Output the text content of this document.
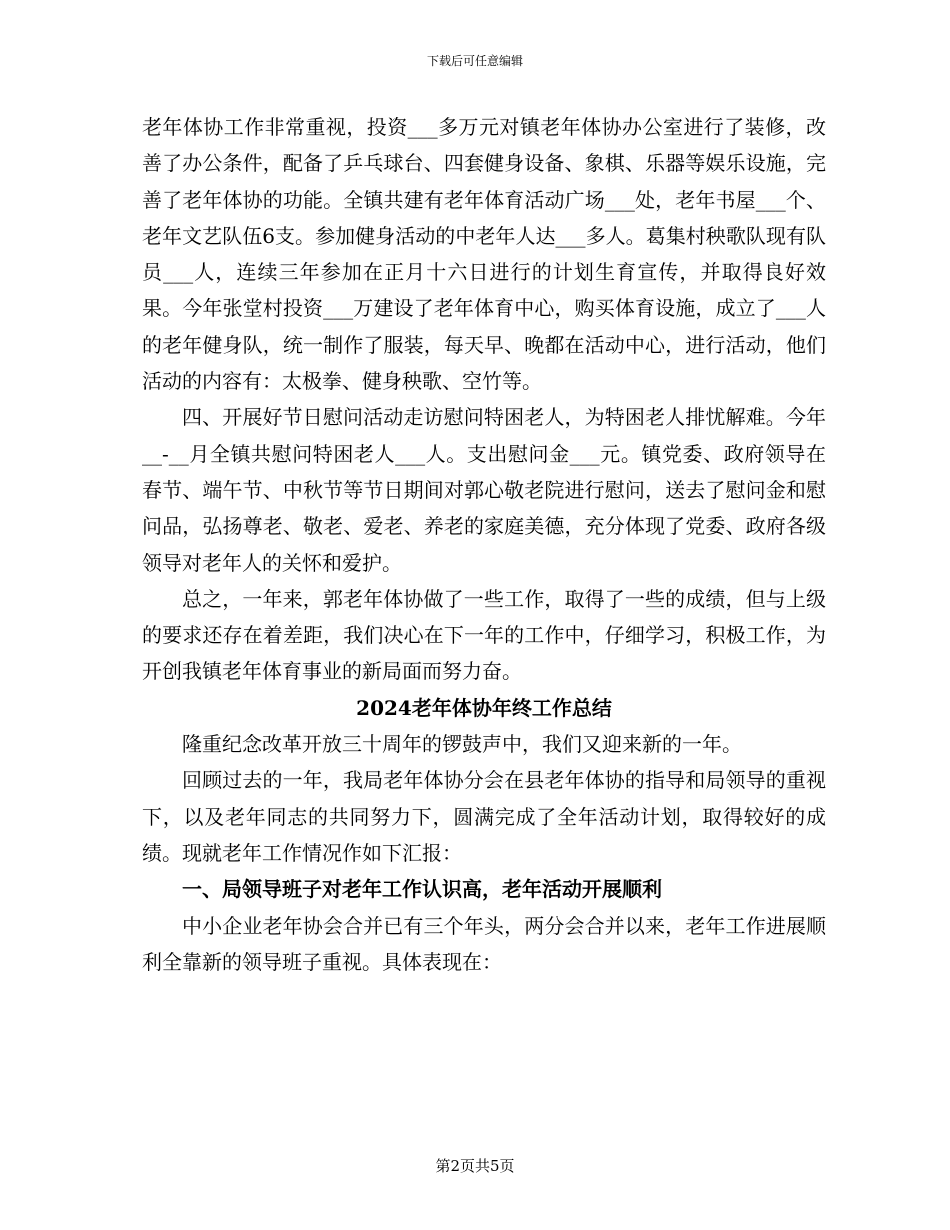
下载后可任意编辑

老年体协工作非常重视，投资___多万元对镇老年体协办公室进行了装修，改善了办公条件，配备了乒乓球台、四套健身设备、象棋、乐器等娱乐设施，完善了老年体协的功能。全镇共建有老年体育活动广场___处，老年书屋___个、老年文艺队伍6支。参加健身活动的中老年人达___多人。葛集村秧歌队现有队员___人，连续三年参加在正月十六日进行的计划生育宣传，并取得良好效果。今年张堂村投资___万建设了老年体育中心，购买体育设施，成立了___人的老年健身队，统一制作了服装，每天早、晚都在活动中心，进行活动，他们活动的内容有：太极拳、健身秧歌、空竹等。

四、开展好节日慰问活动走访慰问特困老人，为特困老人排忧解难。今年__-__月全镇共慰问特困老人___人。支出慰问金___元。镇党委、政府领导在春节、端午节、中秋节等节日期间对郭心敬老院进行慰问，送去了慰问金和慰问品，弘扬尊老、敬老、爱老、养老的家庭美德，充分体现了党委、政府各级领导对老年人的关怀和爱护。

总之，一年来，郭老年体协做了一些工作，取得了一些的成绩，但与上级的要求还存在着差距，我们决心在下一年的工作中，仔细学习，积极工作，为开创我镇老年体育事业的新局面而努力奋。

2024老年体协年终工作总结

隆重纪念改革开放三十周年的锣鼓声中，我们又迎来新的一年。

回顾过去的一年，我局老年体协分会在县老年体协的指导和局领导的重视下，以及老年同志的共同努力下，圆满完成了全年活动计划，取得较好的成绩。现就老年工作情况作如下汇报：

一、局领导班子对老年工作认识高，老年活动开展顺利

中小企业老年协会合并已有三个年头，两分会合并以来，老年工作进展顺利全靠新的领导班子重视。具体表现在：

第2页共5页
